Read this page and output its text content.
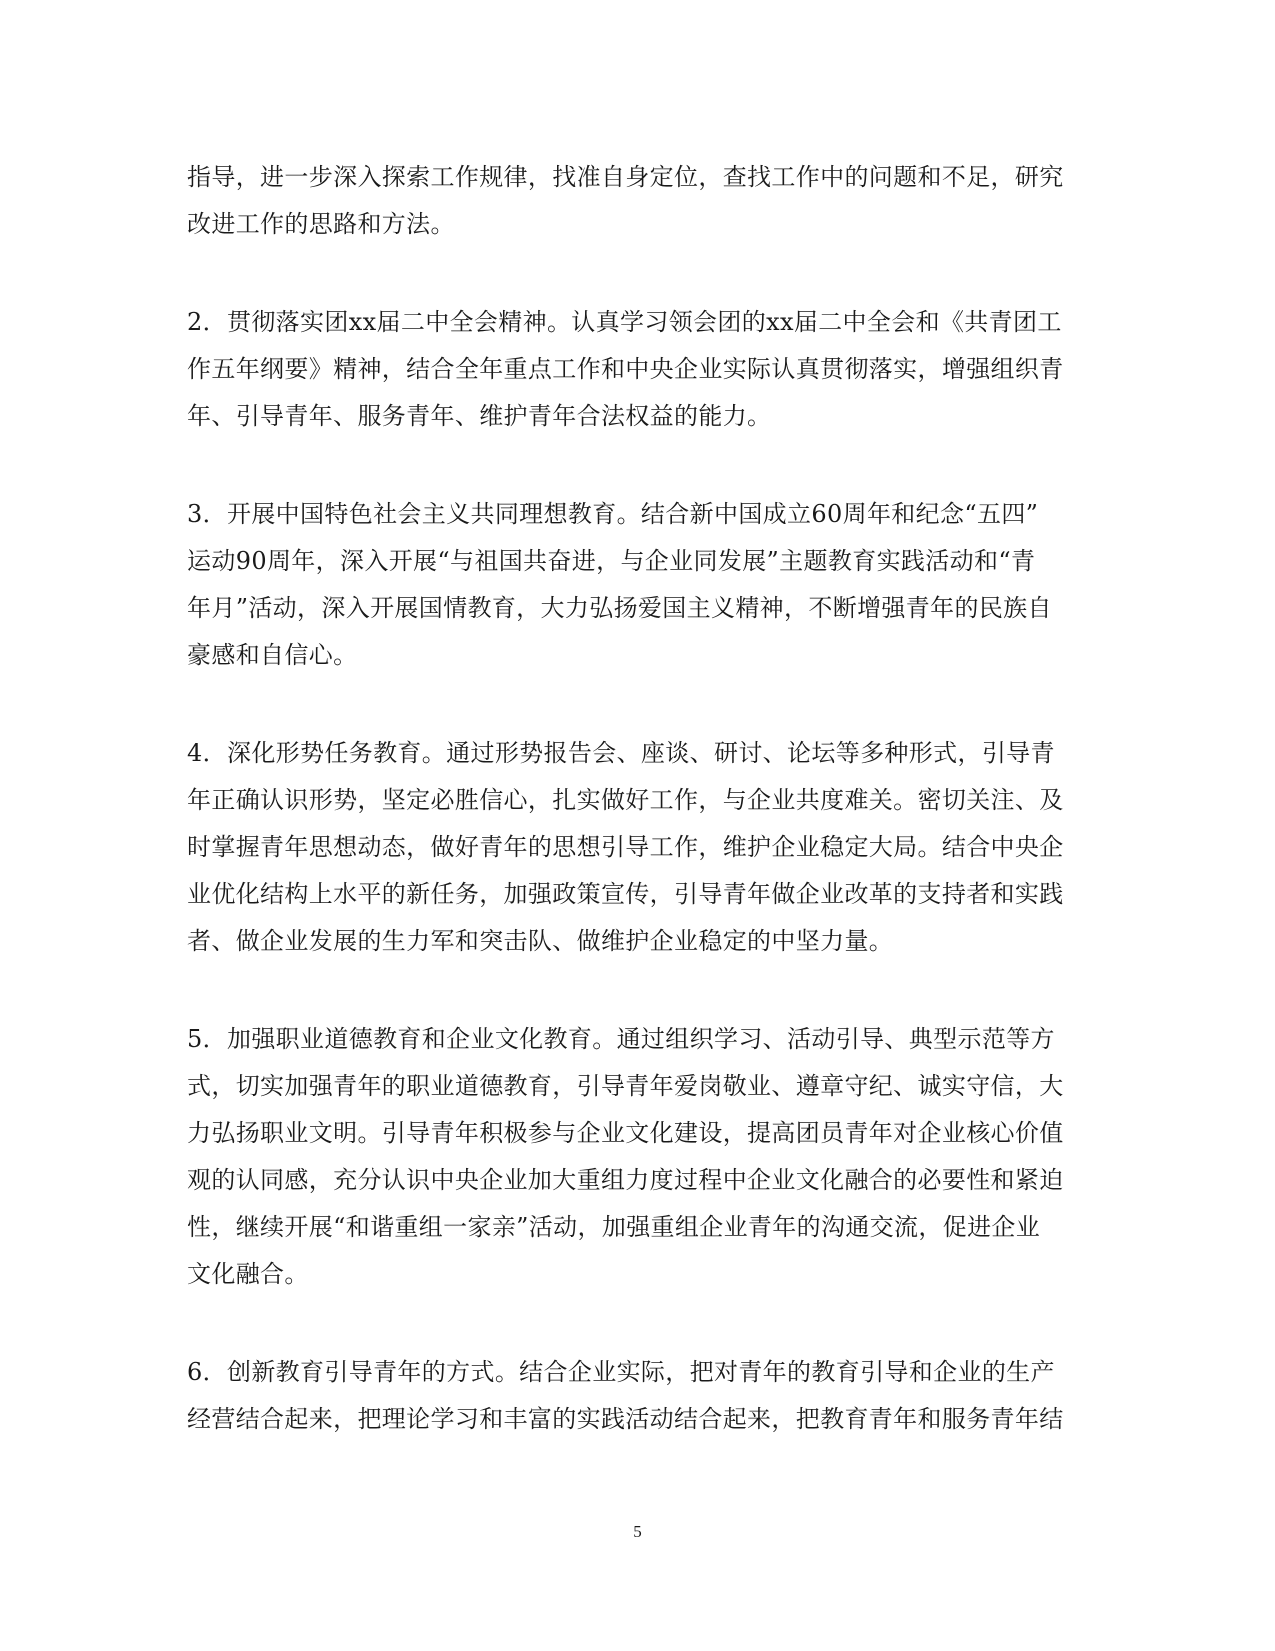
指导，进一步深入探索工作规律，找准自身定位，查找工作中的问题和不足，研究
改进工作的思路和方法。

2．贯彻落实团xx届二中全会精神。认真学习领会团的xx届二中全会和《共青团工
作五年纲要》精神，结合全年重点工作和中央企业实际认真贯彻落实，增强组织青
年、引导青年、服务青年、维护青年合法权益的能力。

3．开展中国特色社会主义共同理想教育。结合新中国成立60周年和纪念“五四”
运动90周年，深入开展“与祖国共奋进，与企业同发展”主题教育实践活动和“青
年月”活动，深入开展国情教育，大力弘扬爱国主义精神，不断增强青年的民族自
豪感和自信心。

4．深化形势任务教育。通过形势报告会、座谈、研讨、论坛等多种形式，引导青
年正确认识形势，坚定必胜信心，扎实做好工作，与企业共度难关。密切关注、及
时掌握青年思想动态，做好青年的思想引导工作，维护企业稳定大局。结合中央企
业优化结构上水平的新任务，加强政策宣传，引导青年做企业改革的支持者和实践
者、做企业发展的生力军和突击队、做维护企业稳定的中坚力量。

5．加强职业道德教育和企业文化教育。通过组织学习、活动引导、典型示范等方
式，切实加强青年的职业道德教育，引导青年爱岗敬业、遵章守纪、诚实守信，大
力弘扬职业文明。引导青年积极参与企业文化建设，提高团员青年对企业核心价值
观的认同感，充分认识中央企业加大重组力度过程中企业文化融合的必要性和紧迫
性，继续开展“和谐重组一家亲”活动，加强重组企业青年的沟通交流，促进企业
文化融合。

6．创新教育引导青年的方式。结合企业实际，把对青年的教育引导和企业的生产
经营结合起来，把理论学习和丰富的实践活动结合起来，把教育青年和服务青年结

5
